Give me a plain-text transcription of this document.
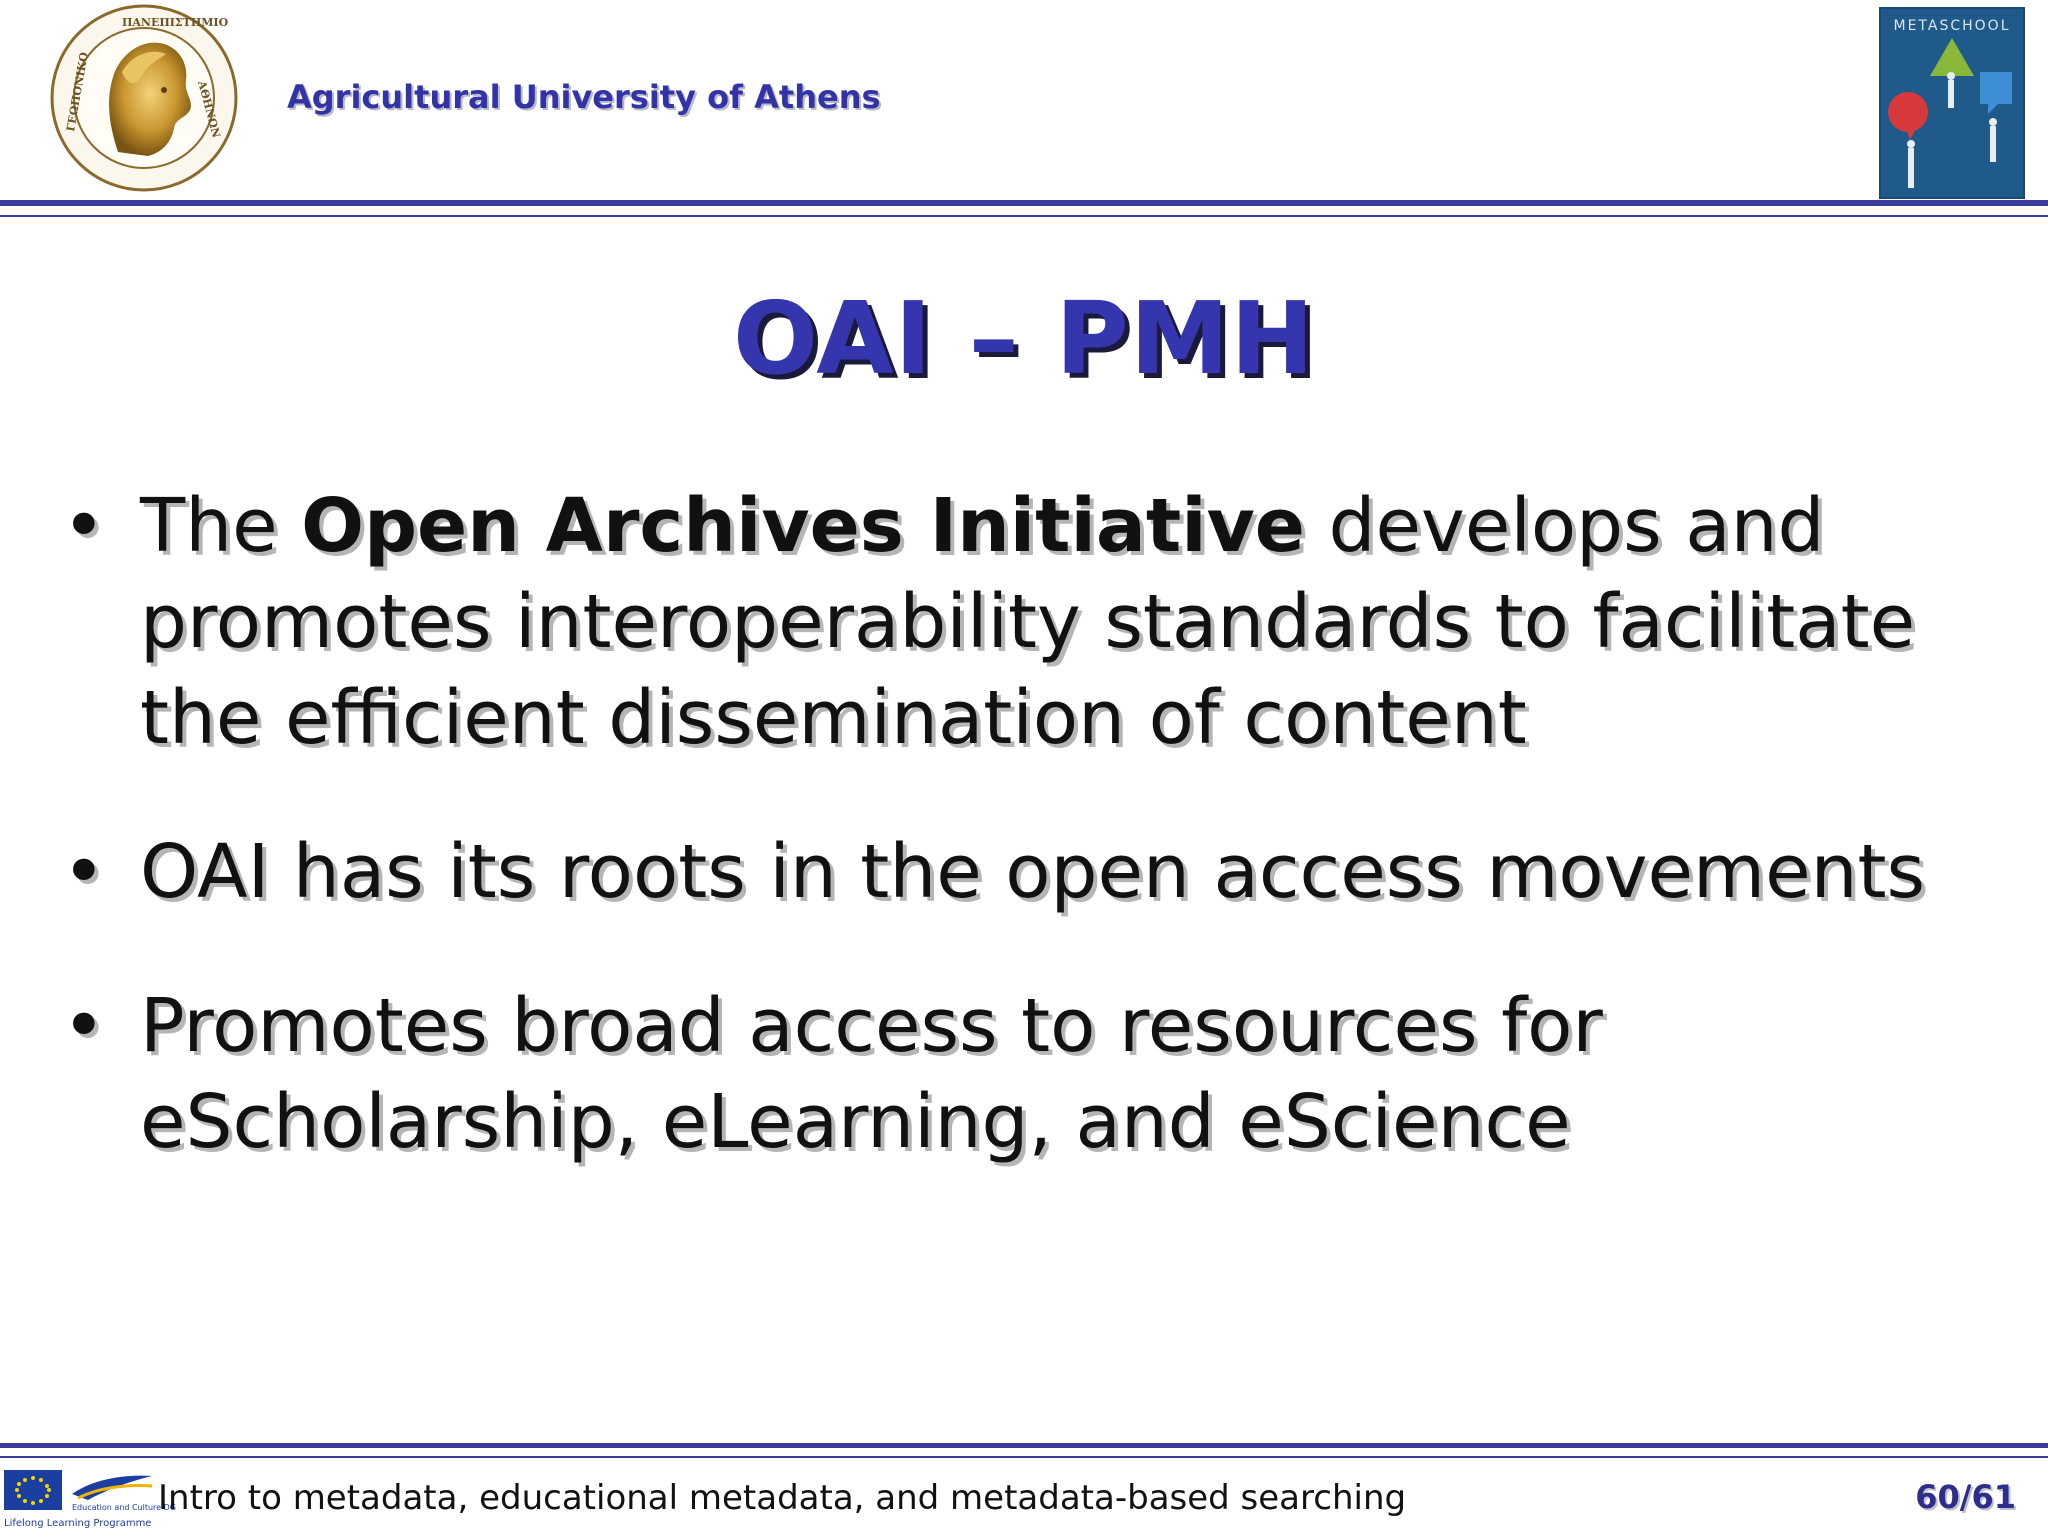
ΠΑΝΕΠΙΣΤΗΜΙΟ
ΑΘΗΝΩΝ
ΓΕΩΠΟΝΙΚΟ	Agricultural University of Athens
METASCHOOL
OAI – PMH
• The Open Archives Initiative develops and promotes interoperability standards to facilitate the efficient dissemination of content
• OAI has its roots in the open access movements
• Promotes broad access to resources for eScholarship, eLearning, and eScience
Education and Culture DG
Lifelong Learning Programme
Intro to metadata, educational metadata, and metadata-based searching	60/61
